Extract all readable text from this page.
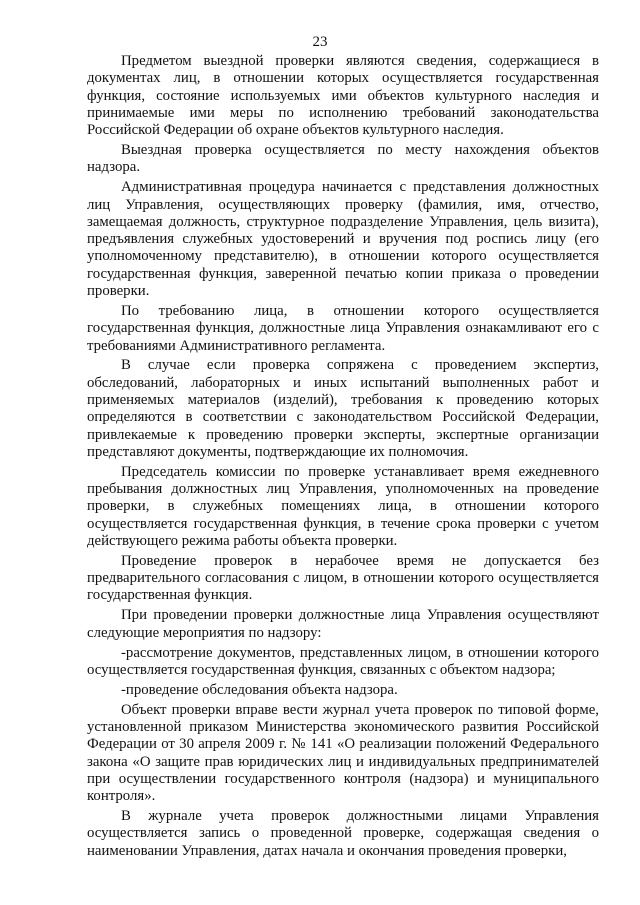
23

Предметом выездной проверки являются сведения, содержащиеся в документах лиц, в отношении которых осуществляется государственная функция, состояние используемых ими объектов культурного наследия и принимаемые ими меры по исполнению требований законодательства Российской Федерации об охране объектов культурного наследия.

Выездная проверка осуществляется по месту нахождения объектов надзора.

Административная процедура начинается с представления должностных лиц Управления, осуществляющих проверку (фамилия, имя, отчество, замещаемая должность, структурное подразделение Управления, цель визита), предъявления служебных удостоверений и вручения под роспись лицу (его уполномоченному представителю), в отношении которого осуществляется государственная функция, заверенной печатью копии приказа о проведении проверки.

По требованию лица, в отношении которого осуществляется государственная функция, должностные лица Управления ознакамливают его с требованиями Административного регламента.

В случае если проверка сопряжена с проведением экспертиз, обследований, лабораторных и иных испытаний выполненных работ и применяемых материалов (изделий), требования к проведению которых определяются в соответствии с законодательством Российской Федерации, привлекаемые к проведению проверки эксперты, экспертные организации представляют документы, подтверждающие их полномочия.

Председатель комиссии по проверке устанавливает время ежедневного пребывания должностных лиц Управления, уполномоченных на проведение проверки, в служебных помещениях лица, в отношении которого осуществляется государственная функция, в течение срока проверки с учетом действующего режима работы объекта проверки.

Проведение проверок в нерабочее время не допускается без предварительного согласования с лицом, в отношении которого осуществляется государственная функция.

При проведении проверки должностные лица Управления осуществляют следующие мероприятия по надзору:

-рассмотрение документов, представленных лицом, в отношении которого осуществляется государственная функция, связанных с объектом надзора;

-проведение обследования объекта надзора.

Объект проверки вправе вести журнал учета проверок по типовой форме, установленной приказом Министерства экономического развития Российской Федерации от 30 апреля 2009 г. № 141 «О реализации положений Федерального закона «О защите прав юридических лиц и индивидуальных предпринимателей при осуществлении государственного контроля (надзора) и муниципального контроля».

В журнале учета проверок должностными лицами Управления осуществляется запись о проведенной проверке, содержащая сведения о наименовании Управления, датах начала и окончания проведения проверки,
